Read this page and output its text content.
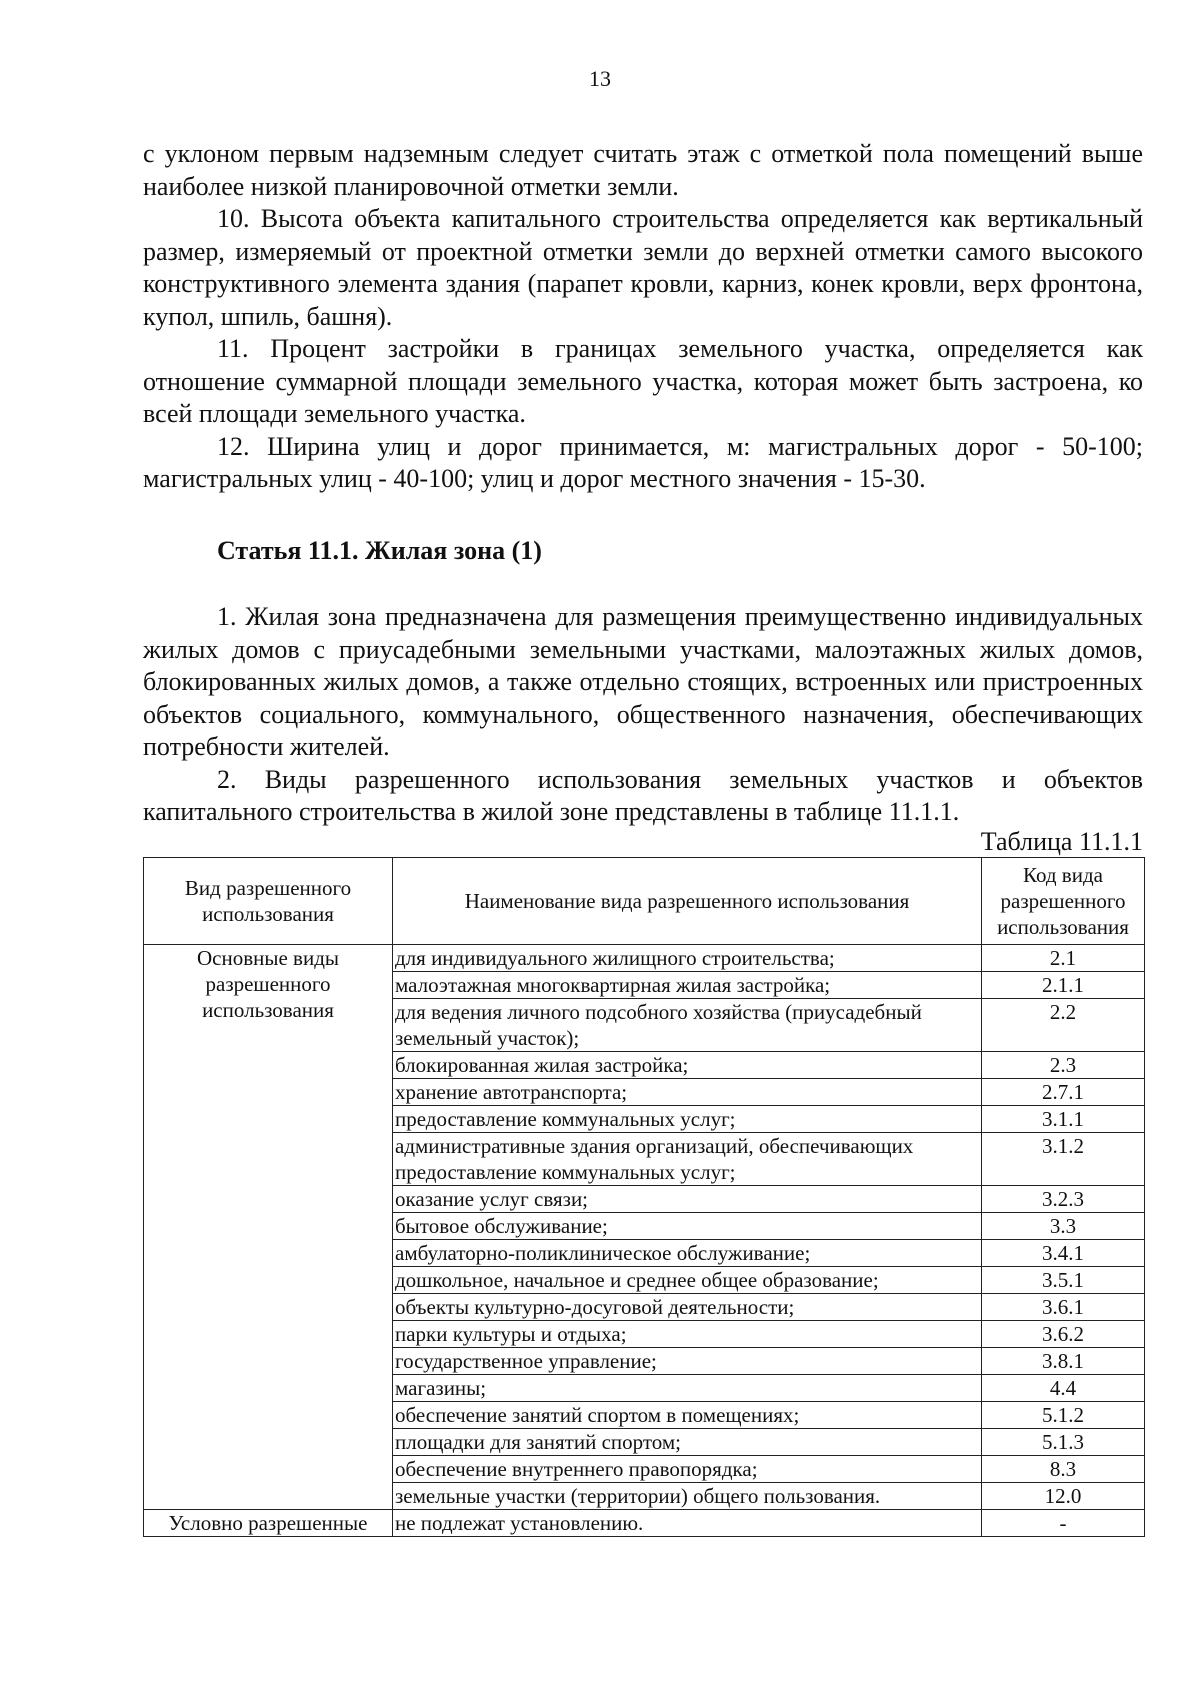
13

с уклоном первым надземным следует считать этаж с отметкой пола помещений выше наиболее низкой планировочной отметки земли.

10. Высота объекта капитального строительства определяется как вертикальный размер, измеряемый от проектной отметки земли до верхней отметки самого высокого конструктивного элемента здания (парапет кровли, карниз, конек кровли, верх фронтона, купол, шпиль, башня).

11. Процент застройки в границах земельного участка, определяется как отношение суммарной площади земельного участка, которая может быть застроена, ко всей площади земельного участка.

12. Ширина улиц и дорог принимается, м: магистральных дорог - 50-100; магистральных улиц - 40-100; улиц и дорог местного значения - 15-30.

Статья 11.1. Жилая зона (1)

1. Жилая зона предназначена для размещения преимущественно индивидуальных жилых домов с приусадебными земельными участками, малоэтажных жилых домов, блокированных жилых домов, а также отдельно стоящих, встроенных или пристроенных объектов социального, коммунального, общественного назначения, обеспечивающих потребности жителей.

2. Виды разрешенного использования земельных участков и объектов капитального строительства в жилой зоне представлены в таблице 11.1.1.

Таблица 11.1.1
Вид разрешенного использования	Наименование вида разрешенного использования	Код вида разрешенного использования
Основные виды разрешенного использования	для индивидуального жилищного строительства;	2.1
	малоэтажная многоквартирная жилая застройка;	2.1.1
	для ведения личного подсобного хозяйства (приусадебный земельный участок);	2.2
	блокированная жилая застройка;	2.3
	хранение автотранспорта;	2.7.1
	предоставление коммунальных услуг;	3.1.1
	административные здания организаций, обеспечивающих предоставление коммунальных услуг;	3.1.2
	оказание услуг связи;	3.2.3
	бытовое обслуживание;	3.3
	амбулаторно-поликлиническое обслуживание;	3.4.1
	дошкольное, начальное и среднее общее образование;	3.5.1
	объекты культурно-досуговой деятельности;	3.6.1
	парки культуры и отдыха;	3.6.2
	государственное управление;	3.8.1
	магазины;	4.4
	обеспечение занятий спортом в помещениях;	5.1.2
	площадки для занятий спортом;	5.1.3
	обеспечение внутреннего правопорядка;	8.3
	земельные участки (территории) общего пользования.	12.0
Условно разрешенные	не подлежат установлению.	-
